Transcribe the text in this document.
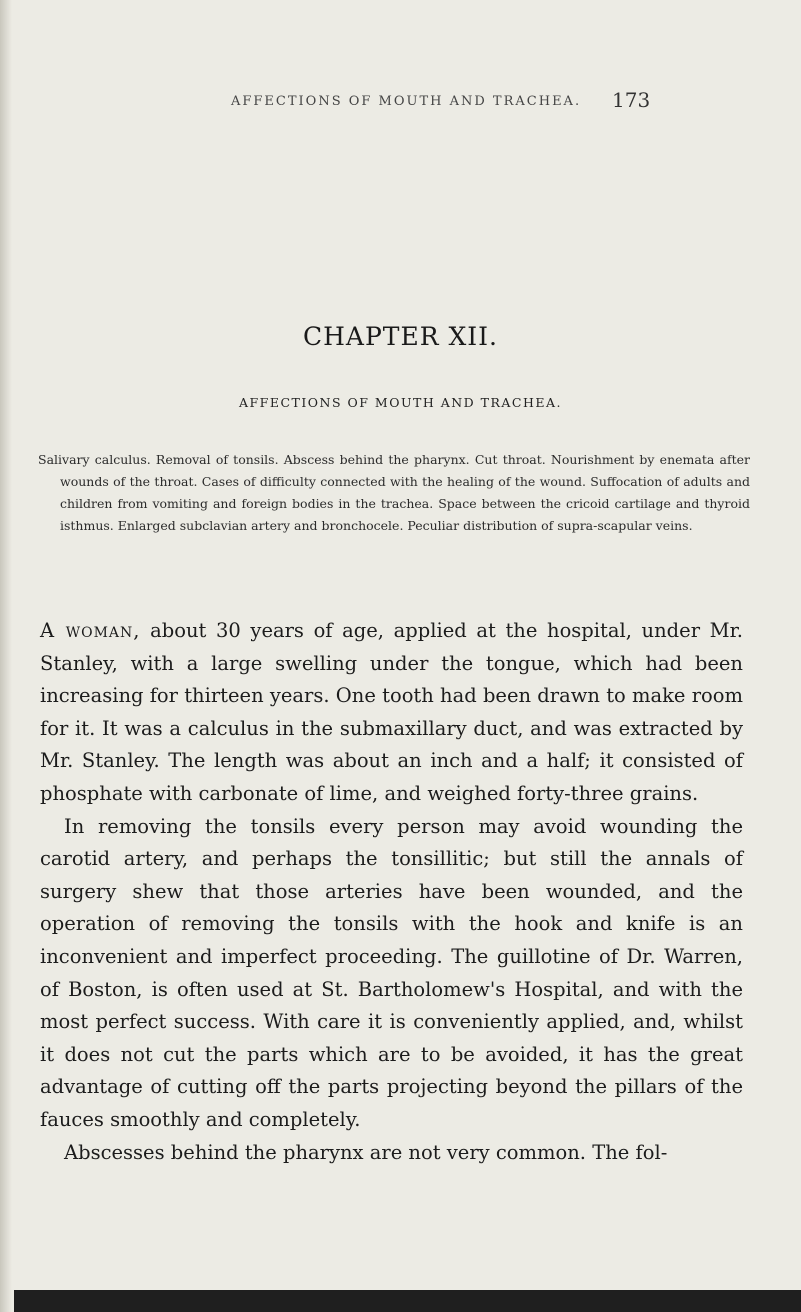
AFFECTIONS OF MOUTH AND TRACHEA. 173
CHAPTER XII.
AFFECTIONS OF MOUTH AND TRACHEA.
Salivary calculus. Removal of tonsils. Abscess behind the pharynx. Cut throat. Nourishment by enemata after wounds of the throat. Cases of difficulty connected with the healing of the wound. Suffocation of adults and children from vomiting and foreign bodies in the trachea. Space between the cricoid cartilage and thyroid isthmus. Enlarged subclavian artery and bronchocele. Peculiar distribution of supra-scapular veins.

A woman, about 30 years of age, applied at the hospital, under Mr. Stanley, with a large swelling under the tongue, which had been increasing for thirteen years. One tooth had been drawn to make room for it. It was a calculus in the submaxillary duct, and was extracted by Mr. Stanley. The length was about an inch and a half; it consisted of phosphate with carbonate of lime, and weighed forty-three grains.

In removing the tonsils every person may avoid wounding the carotid artery, and perhaps the tonsillitic; but still the annals of surgery shew that those arteries have been wounded, and the operation of removing the tonsils with the hook and knife is an inconvenient and imperfect proceeding. The guillotine of Dr. Warren, of Boston, is often used at St. Bartholomew's Hospital, and with the most perfect success. With care it is conveniently applied, and, whilst it does not cut the parts which are to be avoided, it has the great advantage of cutting off the parts projecting beyond the pillars of the fauces smoothly and completely.

Abscesses behind the pharynx are not very common. The fol-
